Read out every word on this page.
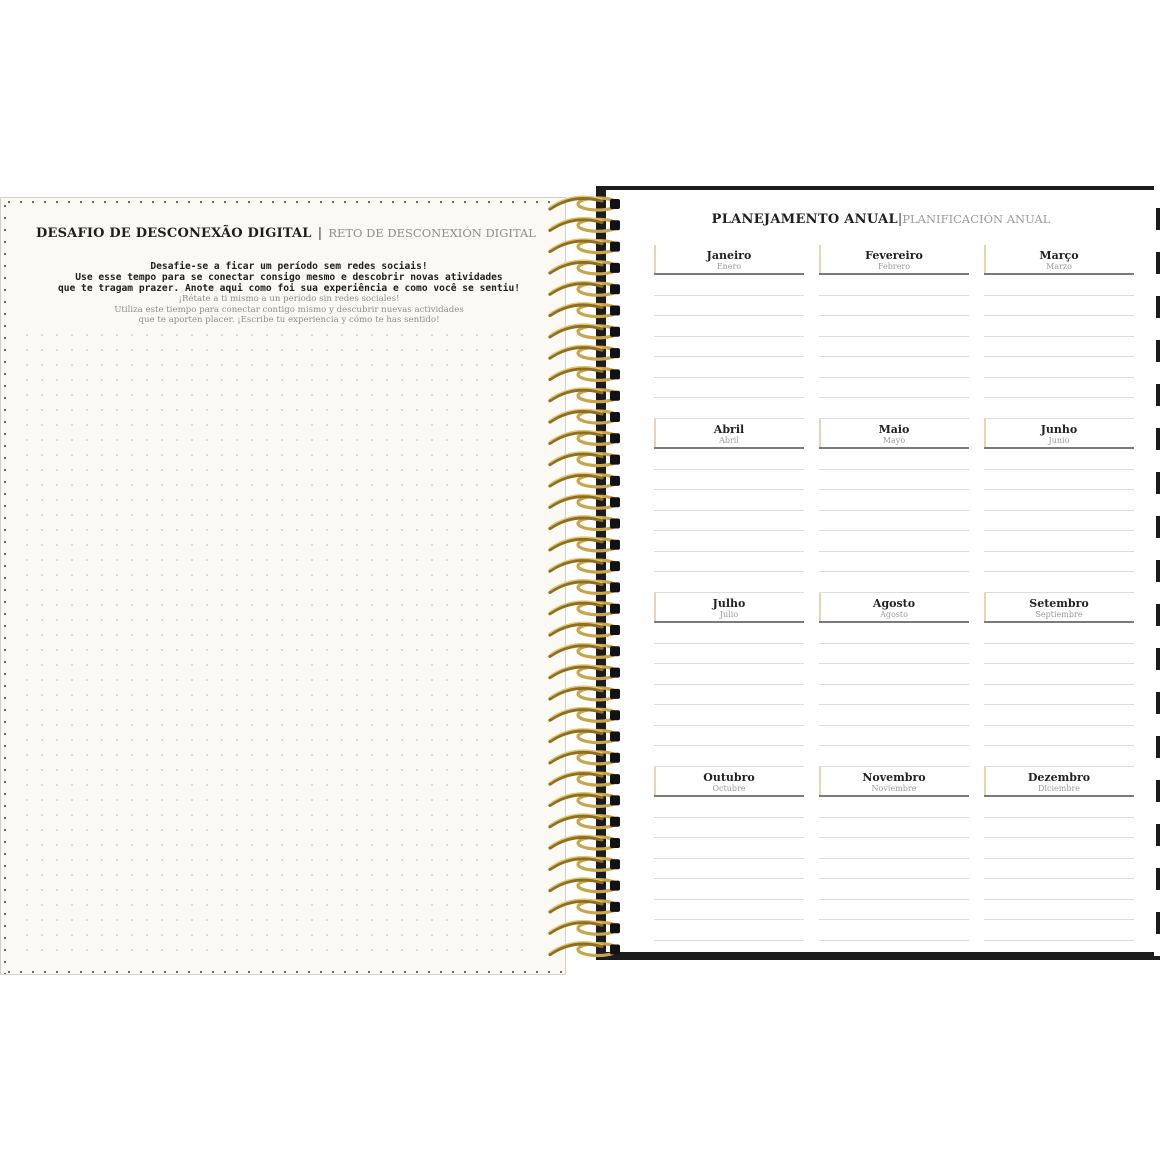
DESAFIO DE DESCONEXÃO DIGITAL | RETO DE DESCONEXIÓN DIGITAL
Desafie-se a ficar um período sem redes sociais!
Use esse tempo para se conectar consigo mesmo e descobrir novas atividades
que te tragam prazer. Anote aqui como foi sua experiência e como você se sentiu!
¡Rétate a ti mismo a un período sin redes sociales!
Utiliza este tiempo para conectar contigo mismo y descubrir nuevas actividades
que te aporten placer. ¡Escribe tu experiencia y cómo te has sentido!
PLANEJAMENTO ANUAL|PLANIFICACIÓN ANUAL
Janeiro
Enero
Fevereiro
Febrero
Março
Marzo
Abril
Abril
Maio
Mayo
Junho
Junio
Julho
Julio
Agosto
Agosto
Setembro
Septiembre
Outubro
Octubre
Novembro
Noviembre
Dezembro
Diciembre
